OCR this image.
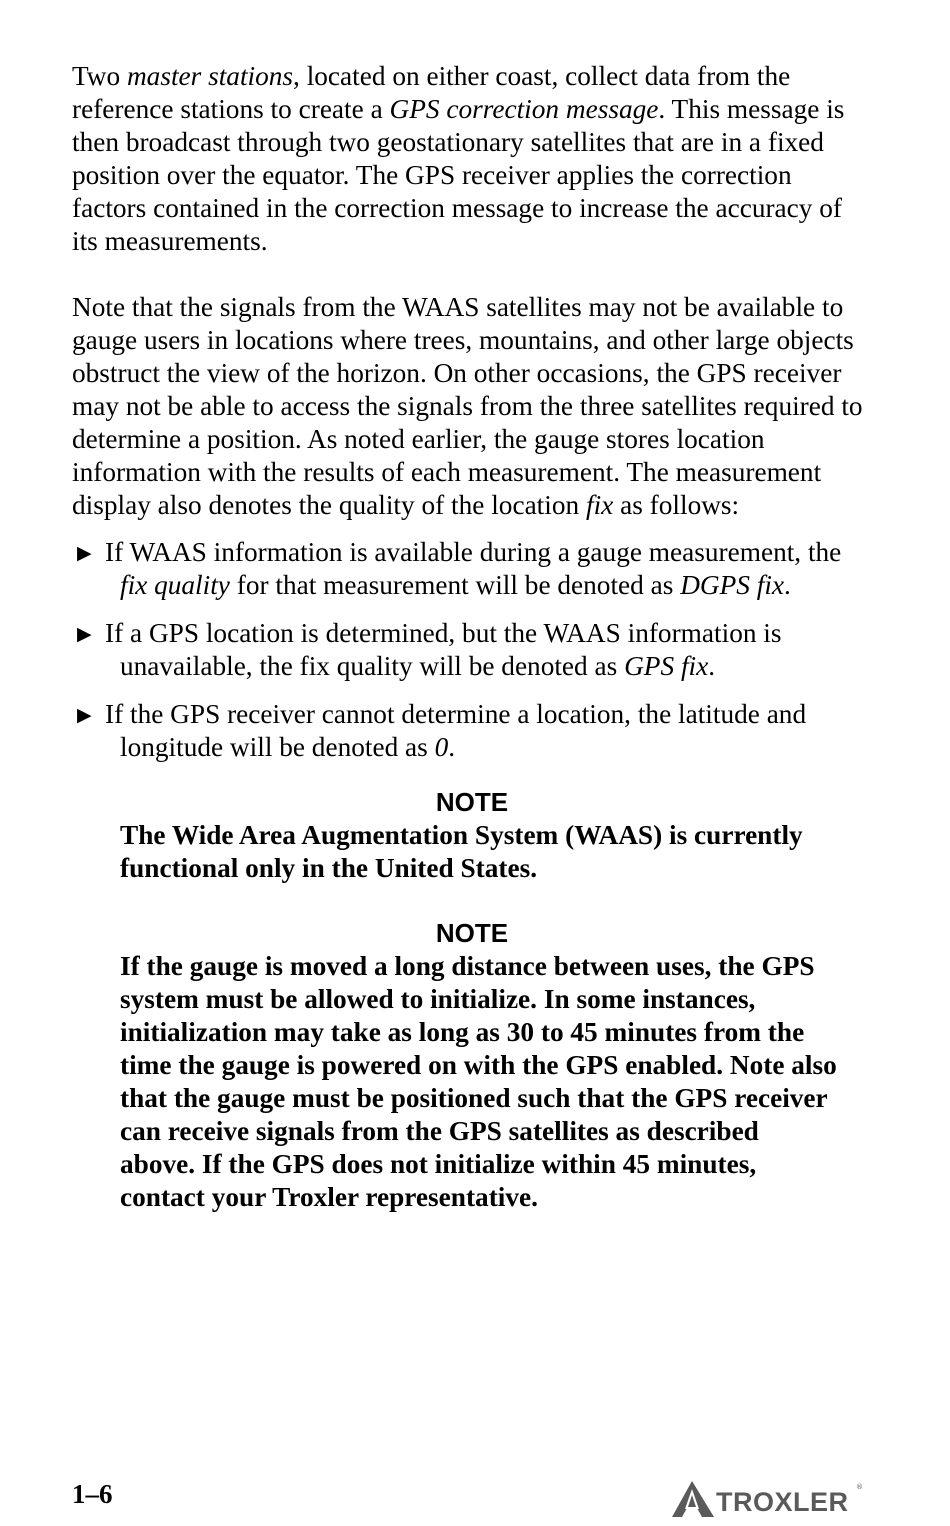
Two master stations, located on either coast, collect data from the reference stations to create a GPS correction message. This message is then broadcast through two geostationary satellites that are in a fixed position over the equator. The GPS receiver applies the correction factors contained in the correction message to increase the accuracy of its measurements.

Note that the signals from the WAAS satellites may not be available to gauge users in locations where trees, mountains, and other large objects obstruct the view of the horizon. On other occasions, the GPS receiver may not be able to access the signals from the three satellites required to determine a position. As noted earlier, the gauge stores location information with the results of each measurement. The measurement display also denotes the quality of the location fix as follows:

▶ If WAAS information is available during a gauge measurement, the fix quality for that measurement will be denoted as DGPS fix.
▶ If a GPS location is determined, but the WAAS information is unavailable, the fix quality will be denoted as GPS fix.
▶ If the GPS receiver cannot determine a location, the latitude and longitude will be denoted as 0.
NOTE
The Wide Area Augmentation System (WAAS) is currently functional only in the United States.
NOTE
If the gauge is moved a long distance between uses, the GPS system must be allowed to initialize. In some instances, initialization may take as long as 30 to 45 minutes from the time the gauge is powered on with the GPS enabled. Note also that the gauge must be positioned such that the GPS receiver can receive signals from the GPS satellites as described above. If the GPS does not initialize within 45 minutes, contact your Troxler representative.
1–6	TROXLER ®
